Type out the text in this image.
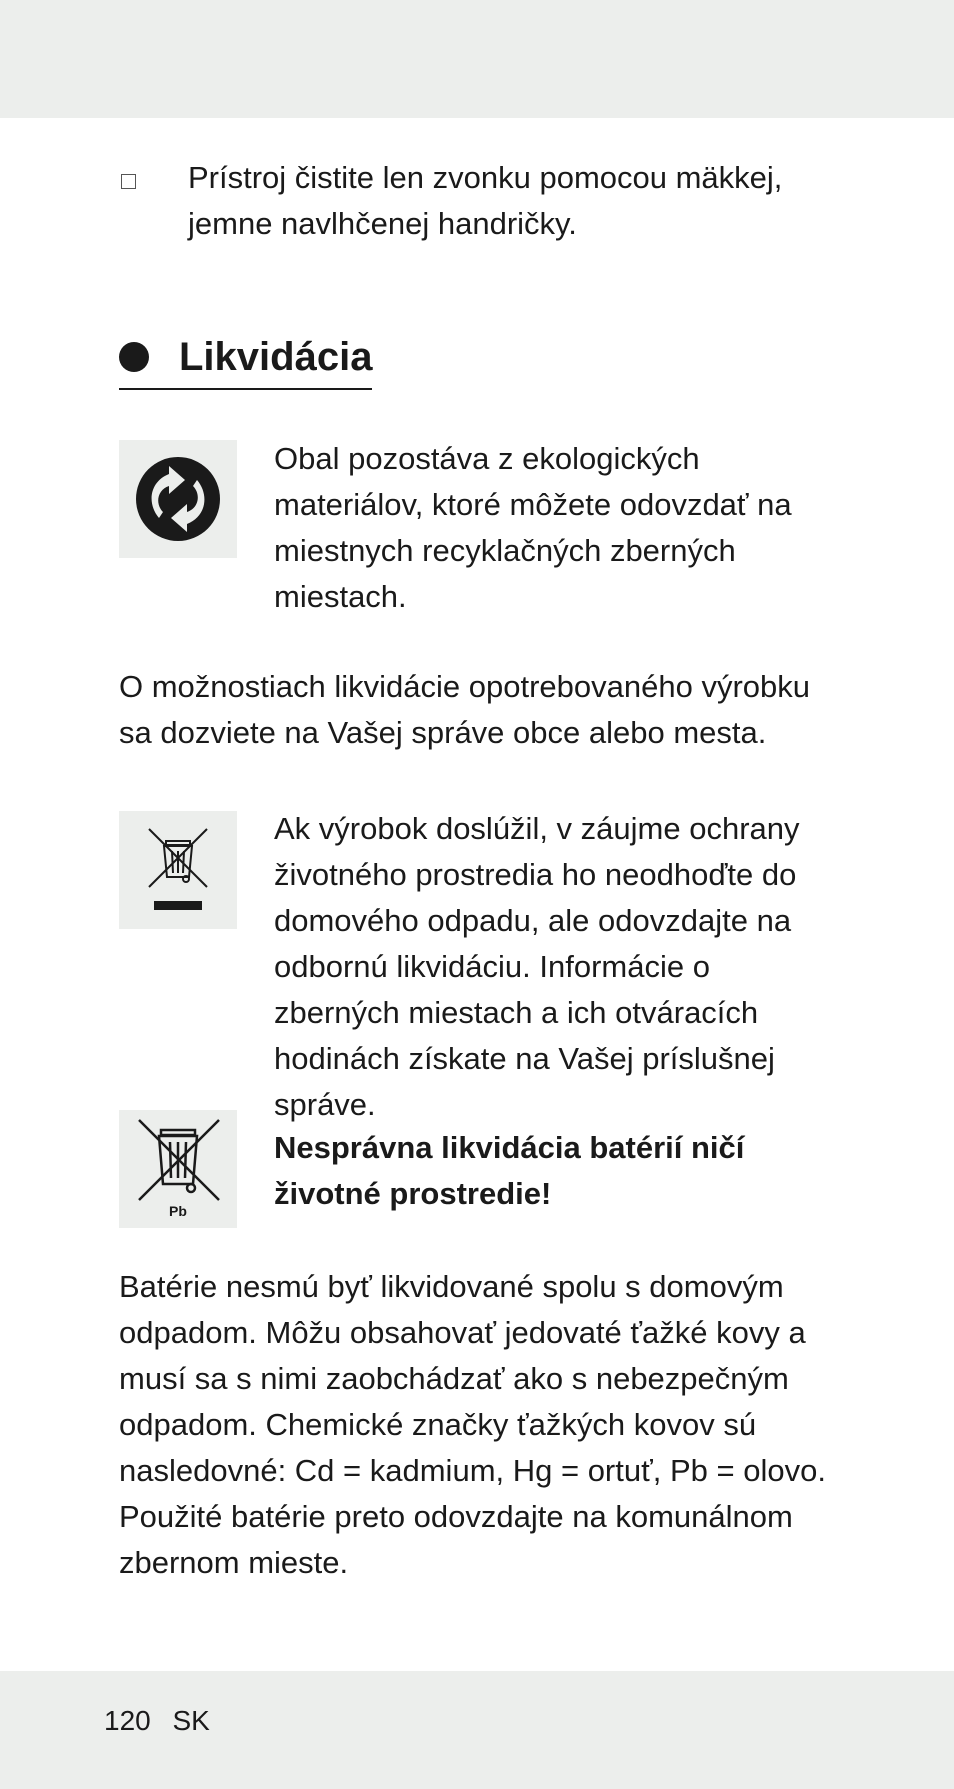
Prístroj čistite len zvonku pomocou mäkkej, jemne navlhčenej handričky.

Likvidácia

Obal pozostáva z ekologických materiálov, ktoré môžete odovzdať na miestnych recyklačných zberných miestach.

O možnostiach likvidácie opotrebovaného výrobku sa dozviete na Vašej správe obce alebo mesta.

Ak výrobok doslúžil, v záujme ochrany životného prostredia ho neodhoďte do domového odpadu, ale odovzdajte na odbornú likvidáciu. Informácie o zberných miestach a ich otváracích hodinách získate na Vašej príslušnej správe.

Pb

Nesprávna likvidácia batérií ničí životné prostredie!

Batérie nesmú byť likvidované spolu s domovým odpadom. Môžu obsahovať jedovaté ťažké kovy a musí sa s nimi zaobchádzať ako s nebezpečným odpadom. Chemické značky ťažkých kovov sú nasledovné: Cd = kadmium, Hg = ortuť, Pb = olovo. Použité batérie preto odovzdajte na komunálnom zbernom mieste.

120 SK
